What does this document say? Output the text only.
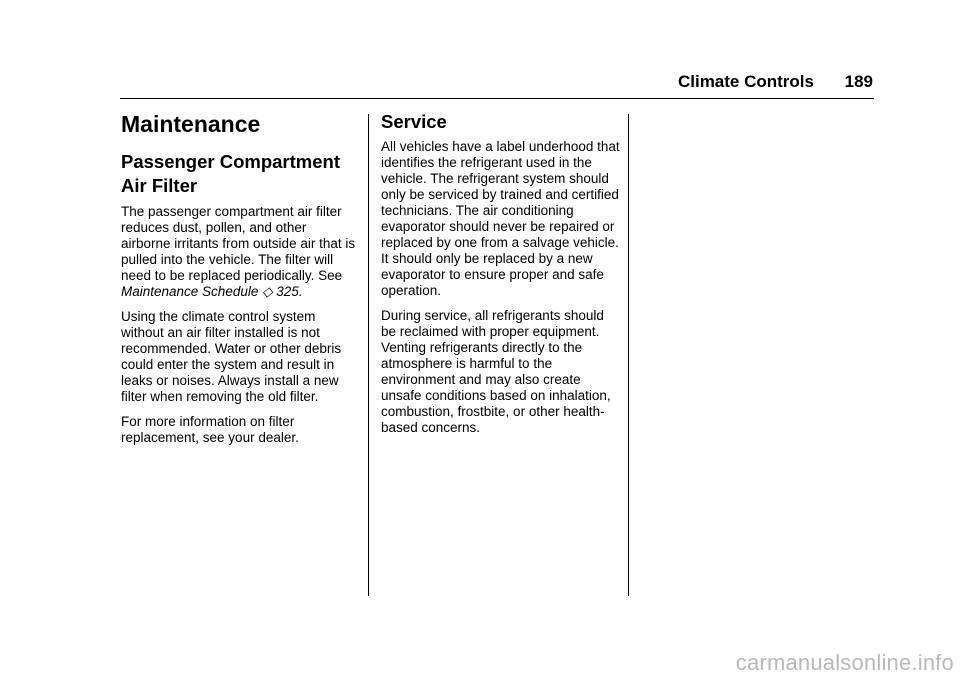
Climate Controls 189
Maintenance
Passenger Compartment
Air Filter

The passenger compartment air filter reduces dust, pollen, and other airborne irritants from outside air that is pulled into the vehicle. The filter will need to be replaced periodically. See Maintenance Schedule ◇ 325.

Using the climate control system without an air filter installed is not recommended. Water or other debris could enter the system and result in leaks or noises. Always install a new filter when removing the old filter.

For more information on filter replacement, see your dealer.

Service

All vehicles have a label underhood that identifies the refrigerant used in the vehicle. The refrigerant system should only be serviced by trained and certified technicians. The air conditioning evaporator should never be repaired or replaced by one from a salvage vehicle.
It should only be replaced by a new evaporator to ensure proper and safe operation.

During service, all refrigerants should be reclaimed with proper equipment. Venting refrigerants directly to the atmosphere is harmful to the environment and may also create unsafe conditions based on inhalation, combustion, frostbite, or other health-based concerns.

carmanualsonline.info
